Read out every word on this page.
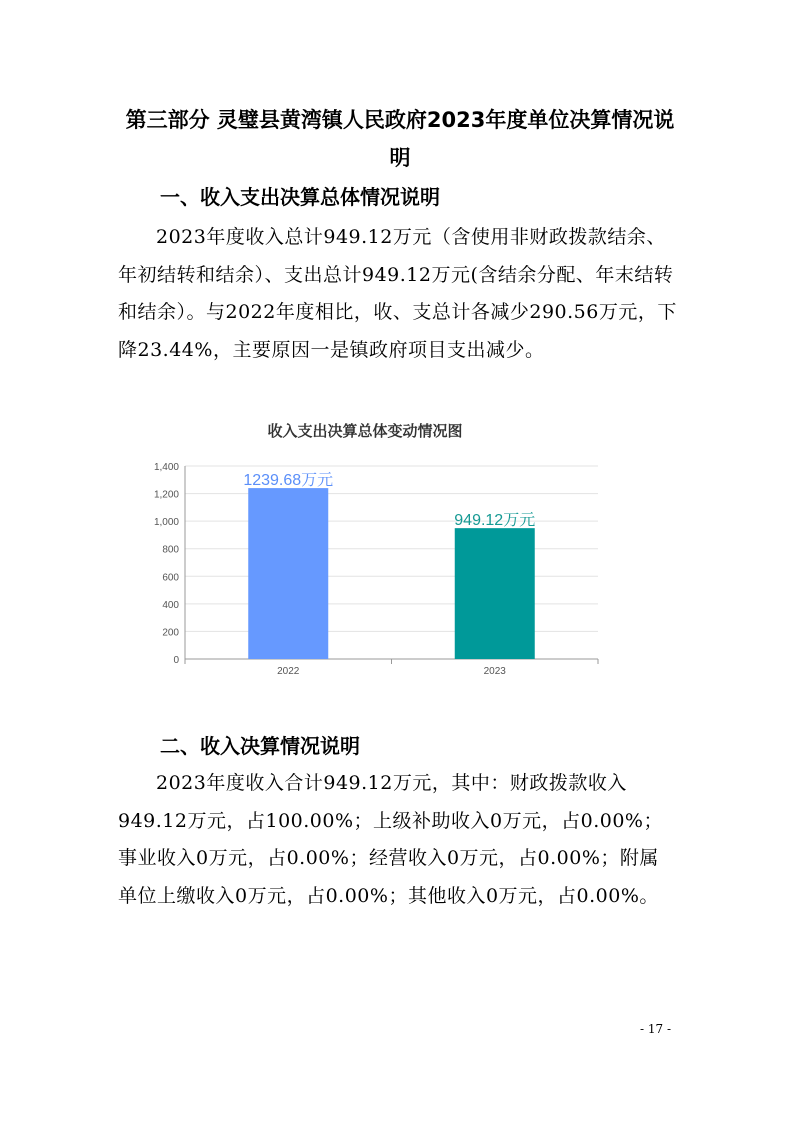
第三部分 灵璧县黄湾镇人民政府2023年度单位决算情况说
明
一、收入支出决算总体情况说明

2023年度收入总计949.12万元（含使用非财政拨款结余、年初结转和结余）、支出总计949.12万元(含结余分配、年末结转和结余）。与2022年度相比，收、支总计各减少290.56万元，下降23.44%，主要原因一是镇政府项目支出减少。

收入支出决算总体变动情况图
0
200
400
600
800
1,000
1,200
1,400
1239.68万元
2022
949.12万元
2023
二、收入决算情况说明

2023年度收入合计949.12万元，其中：财政拨款收入949.12万元，占100.00%；上级补助收入0万元，占0.00%；事业收入0万元，占0.00%；经营收入0万元，占0.00%；附属单位上缴收入0万元，占0.00%；其他收入0万元，占0.00%。

- 17 -
